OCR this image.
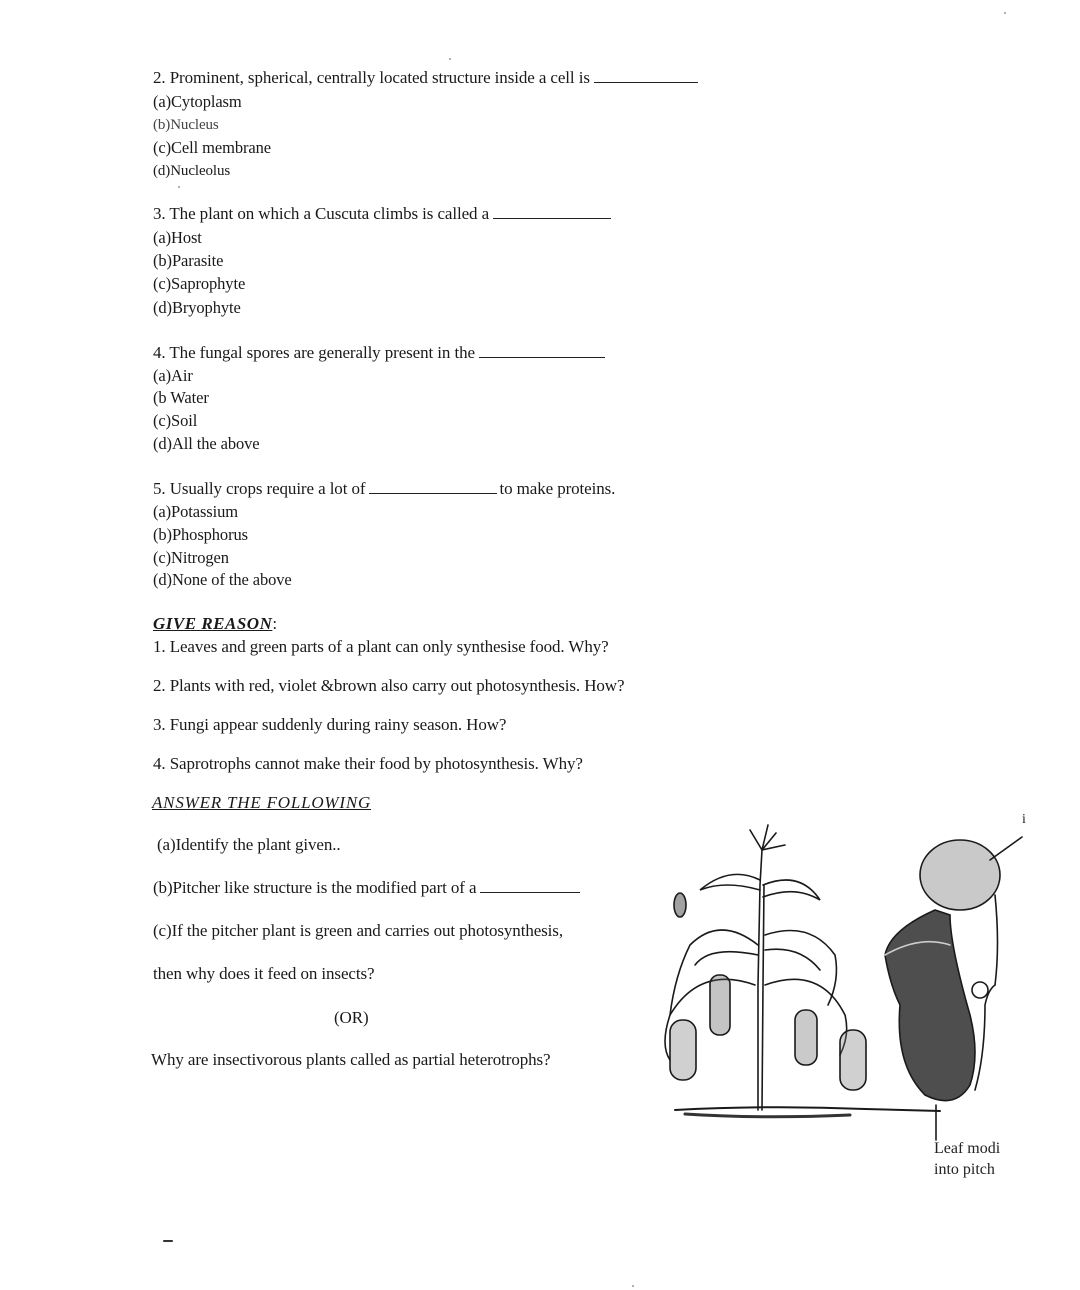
2. Prominent, spherical, centrally located structure inside a cell is
(a)Cytoplasm
(b)Nucleus
(c)Cell membrane
(d)Nucleolus
3. The plant on which a Cuscuta climbs is called a
(a)Host
(b)Parasite
(c)Saprophyte
(d)Bryophyte
4. The fungal spores are generally present in the
(a)Air
(b Water
(c)Soil
(d)All the above
5. Usually crops require a lot of	to make proteins.
(a)Potassium
(b)Phosphorus
(c)Nitrogen
(d)None of the above
GIVE REASON:
1. Leaves and green parts of a plant can only synthesise food. Why?
2. Plants with red, violet &brown also carry out photosynthesis. How?
3. Fungi appear suddenly during rainy season. How?
4. Saprotrophs cannot make their food by photosynthesis. Why?
ANSWER THE FOLLOWING
(a)Identify the plant given..
(b)Pitcher like structure is the modified part of a
(c)If the pitcher plant is green and carries out photosynthesis,
then why does it feed on insects?
(OR)
Why are insectivorous plants called as partial heterotrophs?
i
Leaf modi
into pitch
